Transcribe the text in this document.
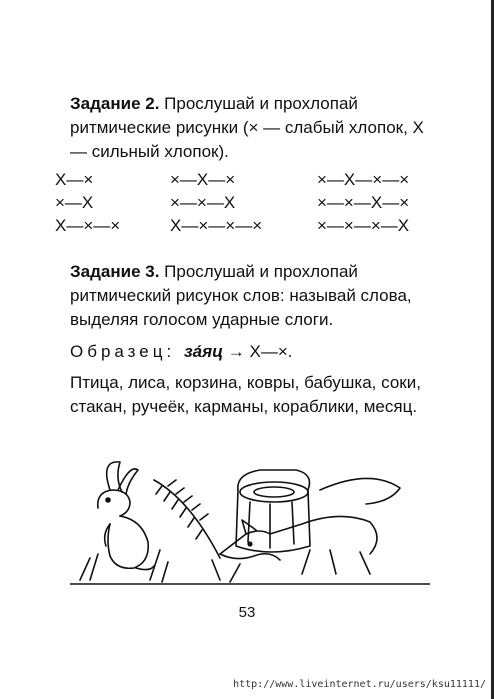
Задание 2. Прослушай и прохлопай ритмические рисунки (× — слабый хлопок, X — сильный хлопок).
X—×	×—X—×	×—X—×—×
×—X	×—×—X	×—×—X—×
X—×—×	X—×—×—×	×—×—×—X
Задание 3. Прослушай и прохлопай ритмический рисунок слов: называй слова, выделяя голосом ударные слоги.
Образец: за́яц → X—×.
Птица, лиса, корзина, ковры, бабушка, соки, стакан, ручеёк, карманы, кораблики, месяц.
53
http://www.liveinternet.ru/users/ksu11111/
